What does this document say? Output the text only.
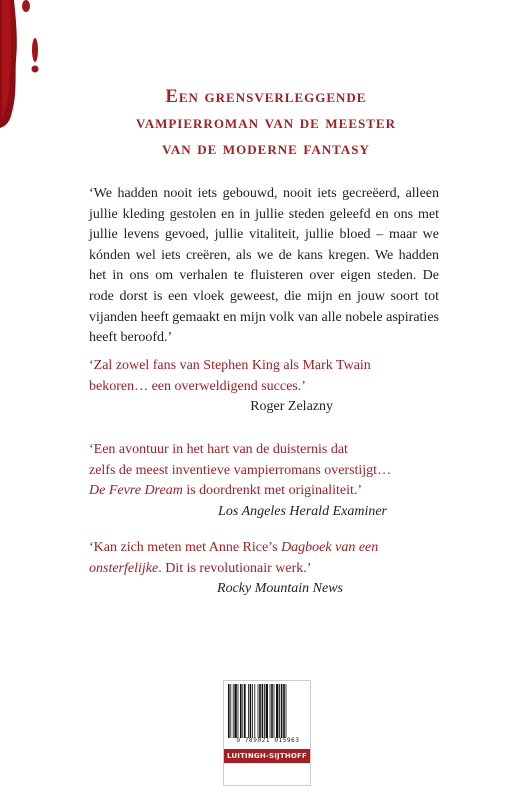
Een grensverleggende
vampierroman van de meester
van de moderne fantasy
‘We hadden nooit iets gebouwd, nooit iets gecreëerd, alleen jullie kleding gestolen en in jullie steden geleefd en ons met jullie levens gevoed, jullie vitaliteit, jullie bloed – maar we kónden wel iets creëren, als we de kans kregen. We hadden het in ons om verhalen te fluisteren over eigen steden. De rode dorst is een vloek geweest, die mijn en jouw soort tot vijanden heeft gemaakt en mijn volk van alle nobele aspiraties heeft beroofd.’
‘Zal zowel fans van Stephen King als Mark Twain
bekoren… een overweldigend succes.’
Roger Zelazny
‘Een avontuur in het hart van de duisternis dat
zelfs de meest inventieve vampierromans overstijgt…
De Fevre Dream is doordrenkt met originaliteit.’
Los Angeles Herald Examiner
‘Kan zich meten met Anne Rice’s Dagboek van een
onsterfelijke. Dit is revolutionair werk.’
Rocky Mountain News
9 789021 015963
LUITINGH-SIJTHOFF
